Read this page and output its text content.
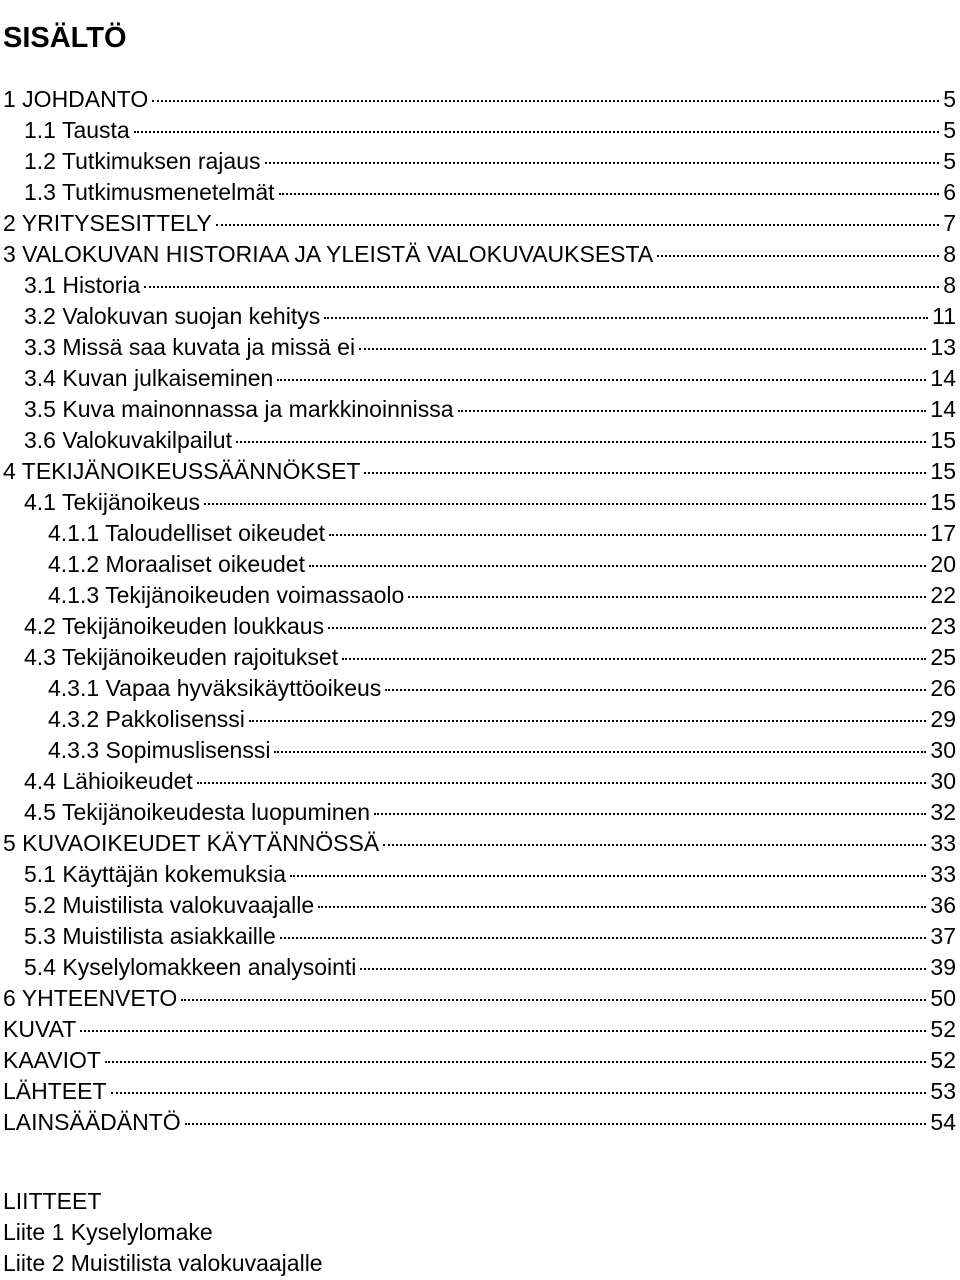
SISÄLTÖ
1 JOHDANTO	5
1.1 Tausta	5
1.2 Tutkimuksen rajaus	5
1.3 Tutkimusmenetelmät	6
2 YRITYSESITTELY	7
3 VALOKUVAN HISTORIAA JA YLEISTÄ VALOKUVAUKSESTA	8
3.1 Historia	8
3.2 Valokuvan suojan kehitys	11
3.3 Missä saa kuvata ja missä ei	13
3.4 Kuvan julkaiseminen	14
3.5 Kuva mainonnassa ja markkinoinnissa	14
3.6 Valokuvakilpailut	15
4 TEKIJÄNOIKEUSSÄÄNNÖKSET	15
4.1 Tekijänoikeus	15
4.1.1 Taloudelliset oikeudet	17
4.1.2 Moraaliset oikeudet	20
4.1.3 Tekijänoikeuden voimassaolo	22
4.2 Tekijänoikeuden loukkaus	23
4.3 Tekijänoikeuden rajoitukset	25
4.3.1 Vapaa hyväksikäyttöoikeus	26
4.3.2 Pakkolisenssi	29
4.3.3 Sopimuslisenssi	30
4.4 Lähioikeudet	30
4.5 Tekijänoikeudesta luopuminen	32
5 KUVAOIKEUDET KÄYTÄNNÖSSÄ	33
5.1 Käyttäjän kokemuksia	33
5.2 Muistilista valokuvaajalle	36
5.3 Muistilista asiakkaille	37
5.4 Kyselylomakkeen analysointi	39
6 YHTEENVETO	50
KUVAT	52
KAAVIOT	52
LÄHTEET	53
LAINSÄÄDÄNTÖ	54
LIITTEET
Liite 1 Kyselylomake
Liite 2 Muistilista valokuvaajalle
